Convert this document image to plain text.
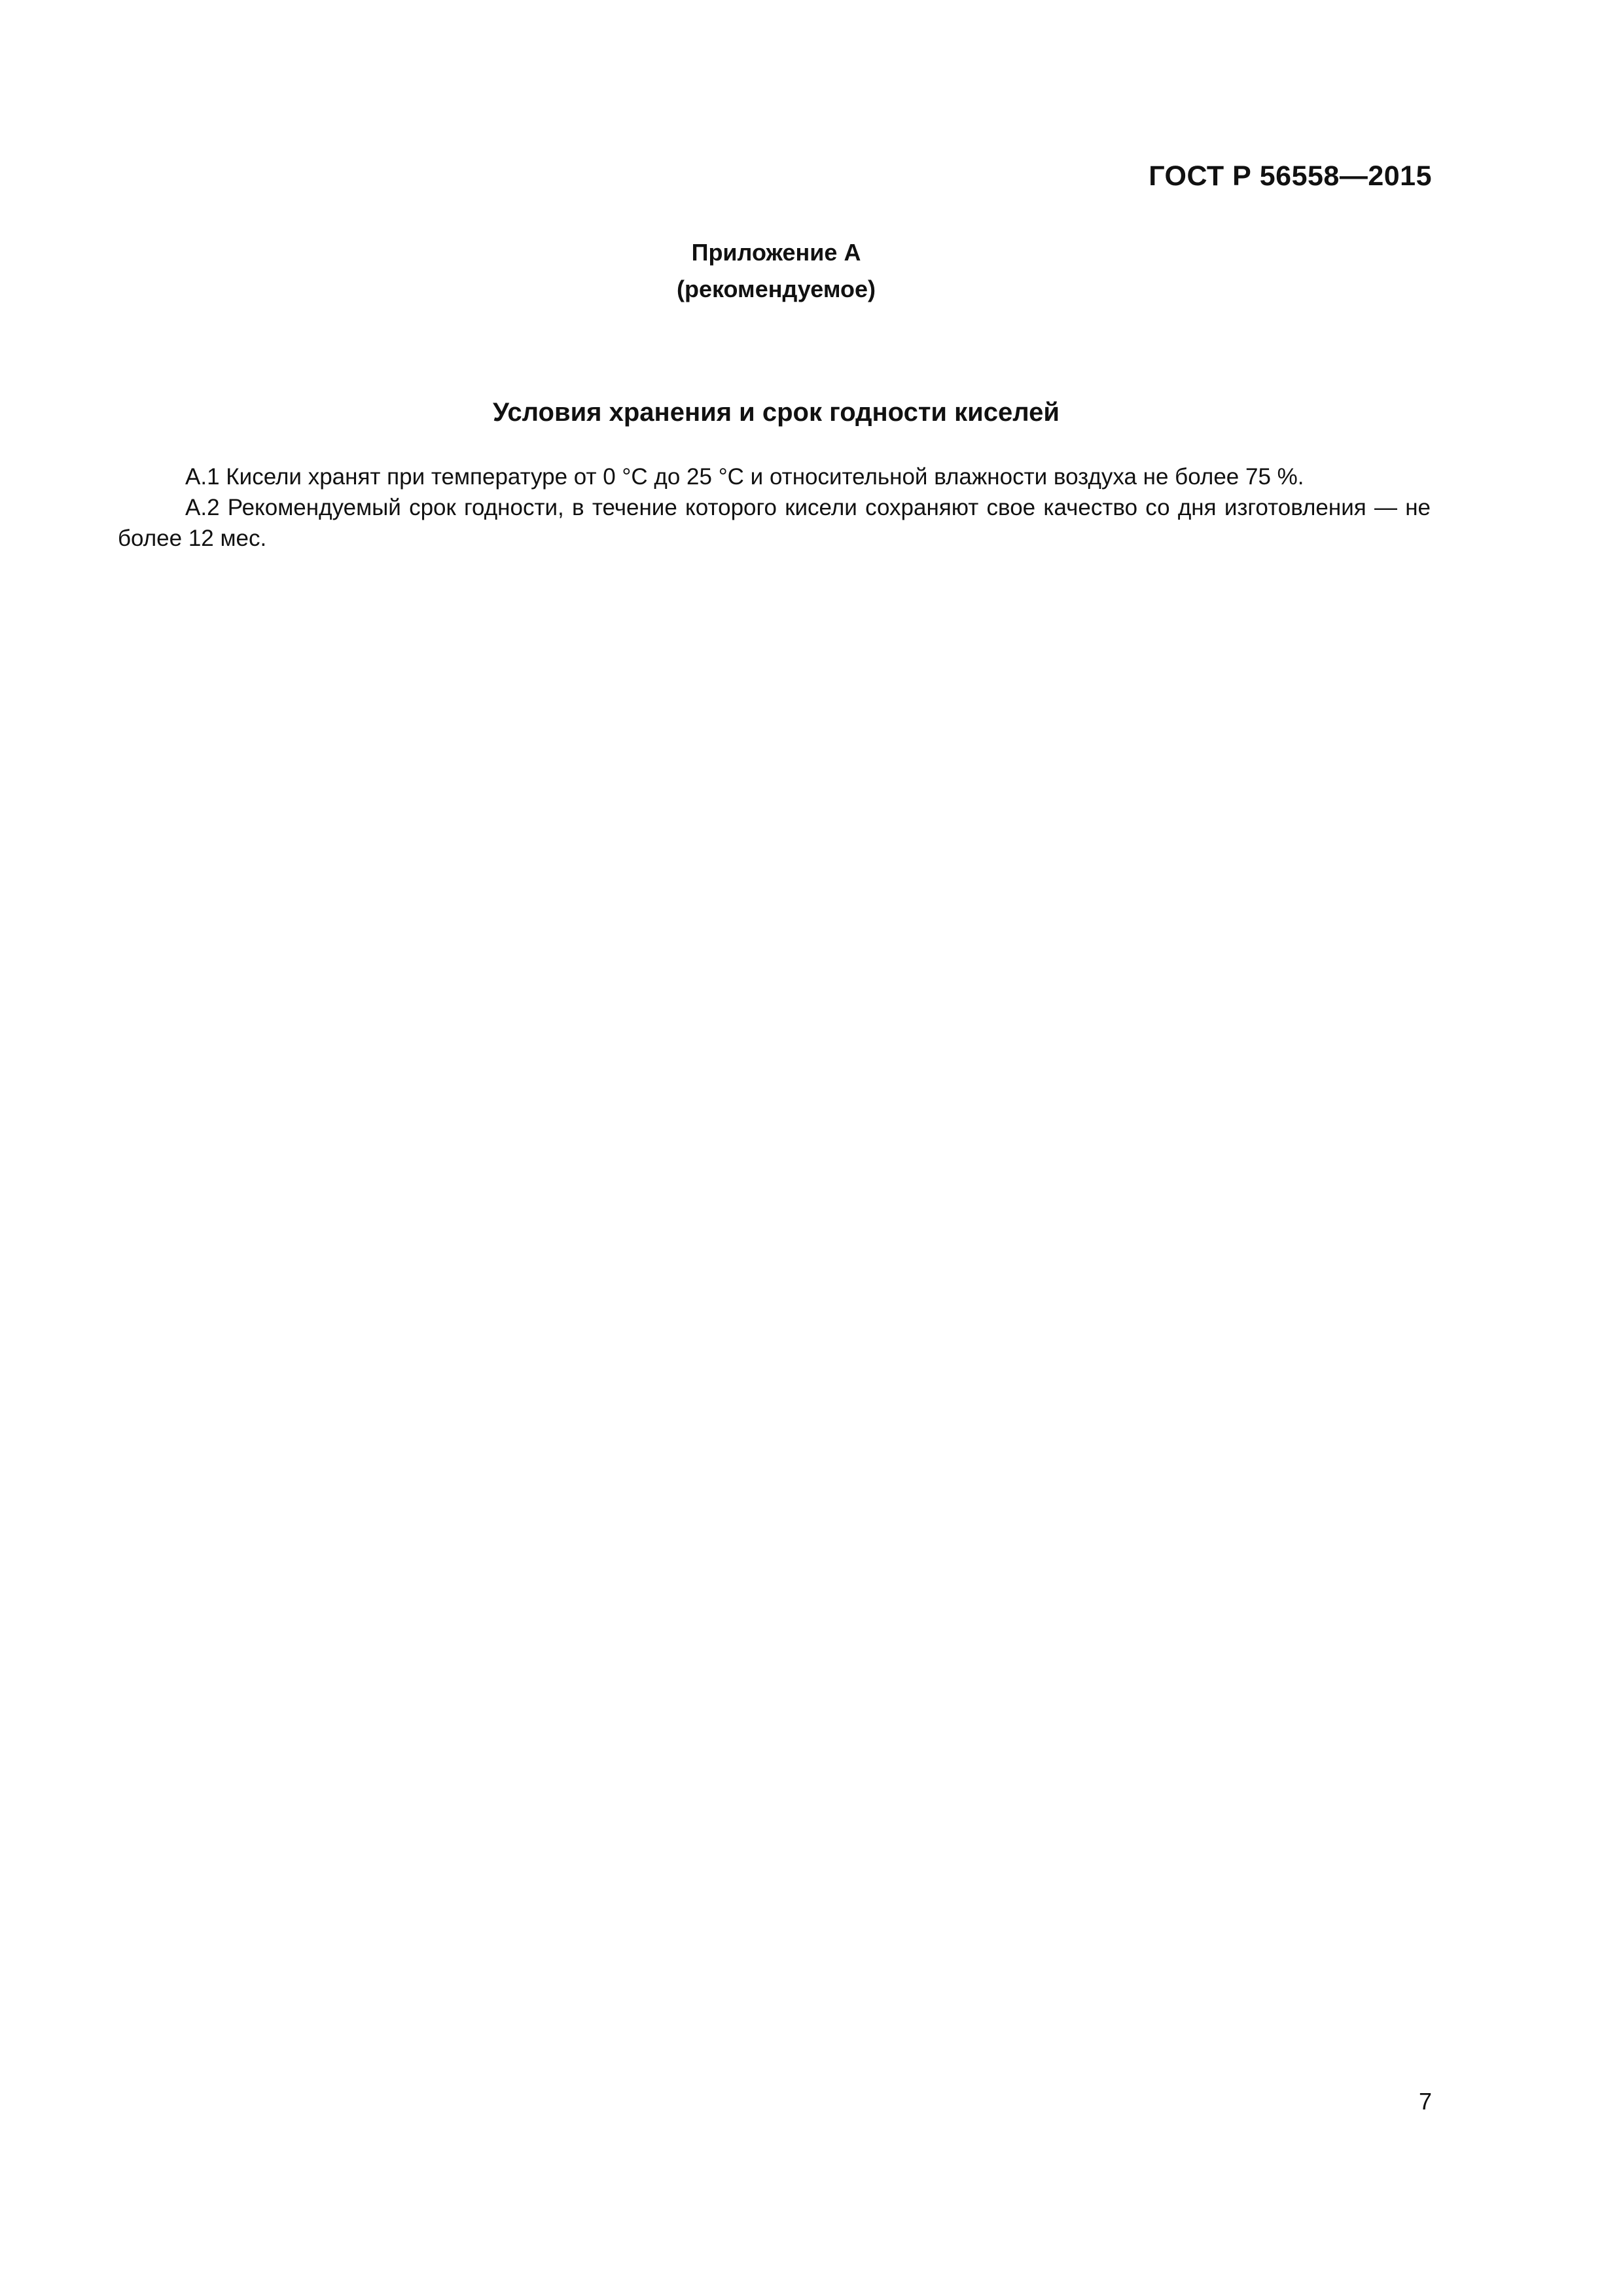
ГОСТ Р 56558—2015
Приложение А
(рекомендуемое)
Условия хранения и срок годности киселей

А.1 Кисели хранят при температуре от 0 °С до 25 °С и относительной влажности воздуха не более 75 %.

А.2 Рекомендуемый срок годности, в течение которого кисели сохраняют свое качество со дня изготовления — не более 12 мес.

7
